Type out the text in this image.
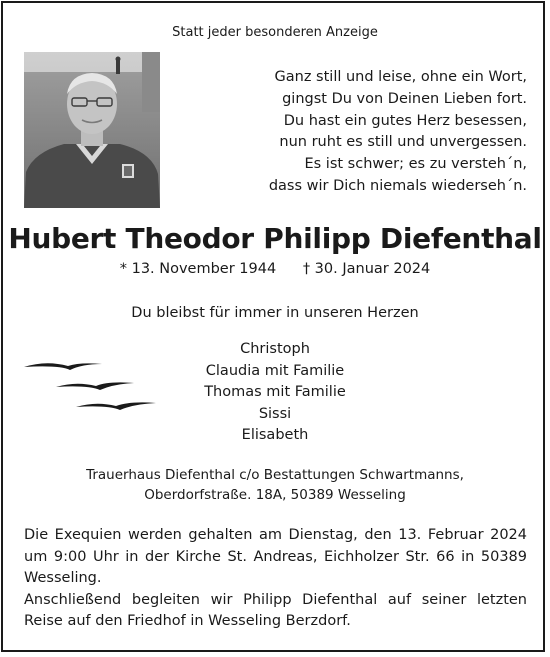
Statt jeder besonderen Anzeige
Ganz still und leise, ohne ein Wort,
gingst Du von Deinen Lieben fort.
Du hast ein gutes Herz besessen,
nun ruht es still und unvergessen.
Es ist schwer; es zu versteh´n,
dass wir Dich niemals wiederseh´n.
Hubert Theodor Philipp Diefenthal
* 13. November 1944 † 30. Januar 2024
Du bleibst für immer in unseren Herzen
Christoph
Claudia mit Familie
Thomas mit Familie
Sissi
Elisabeth
Trauerhaus Diefenthal c/o Bestattungen Schwartmanns,
Oberdorfstraße. 18A, 50389 Wesseling
Die Exequien werden gehalten am Dienstag, den 13. Februar 2024 um 9:00 Uhr in der Kirche St. Andreas, Eichholzer Str. 66 in 50389 Wesseling.
Anschließend begleiten wir Philipp Diefenthal auf seiner letzten Reise auf den Friedhof in Wesseling Berzdorf.
